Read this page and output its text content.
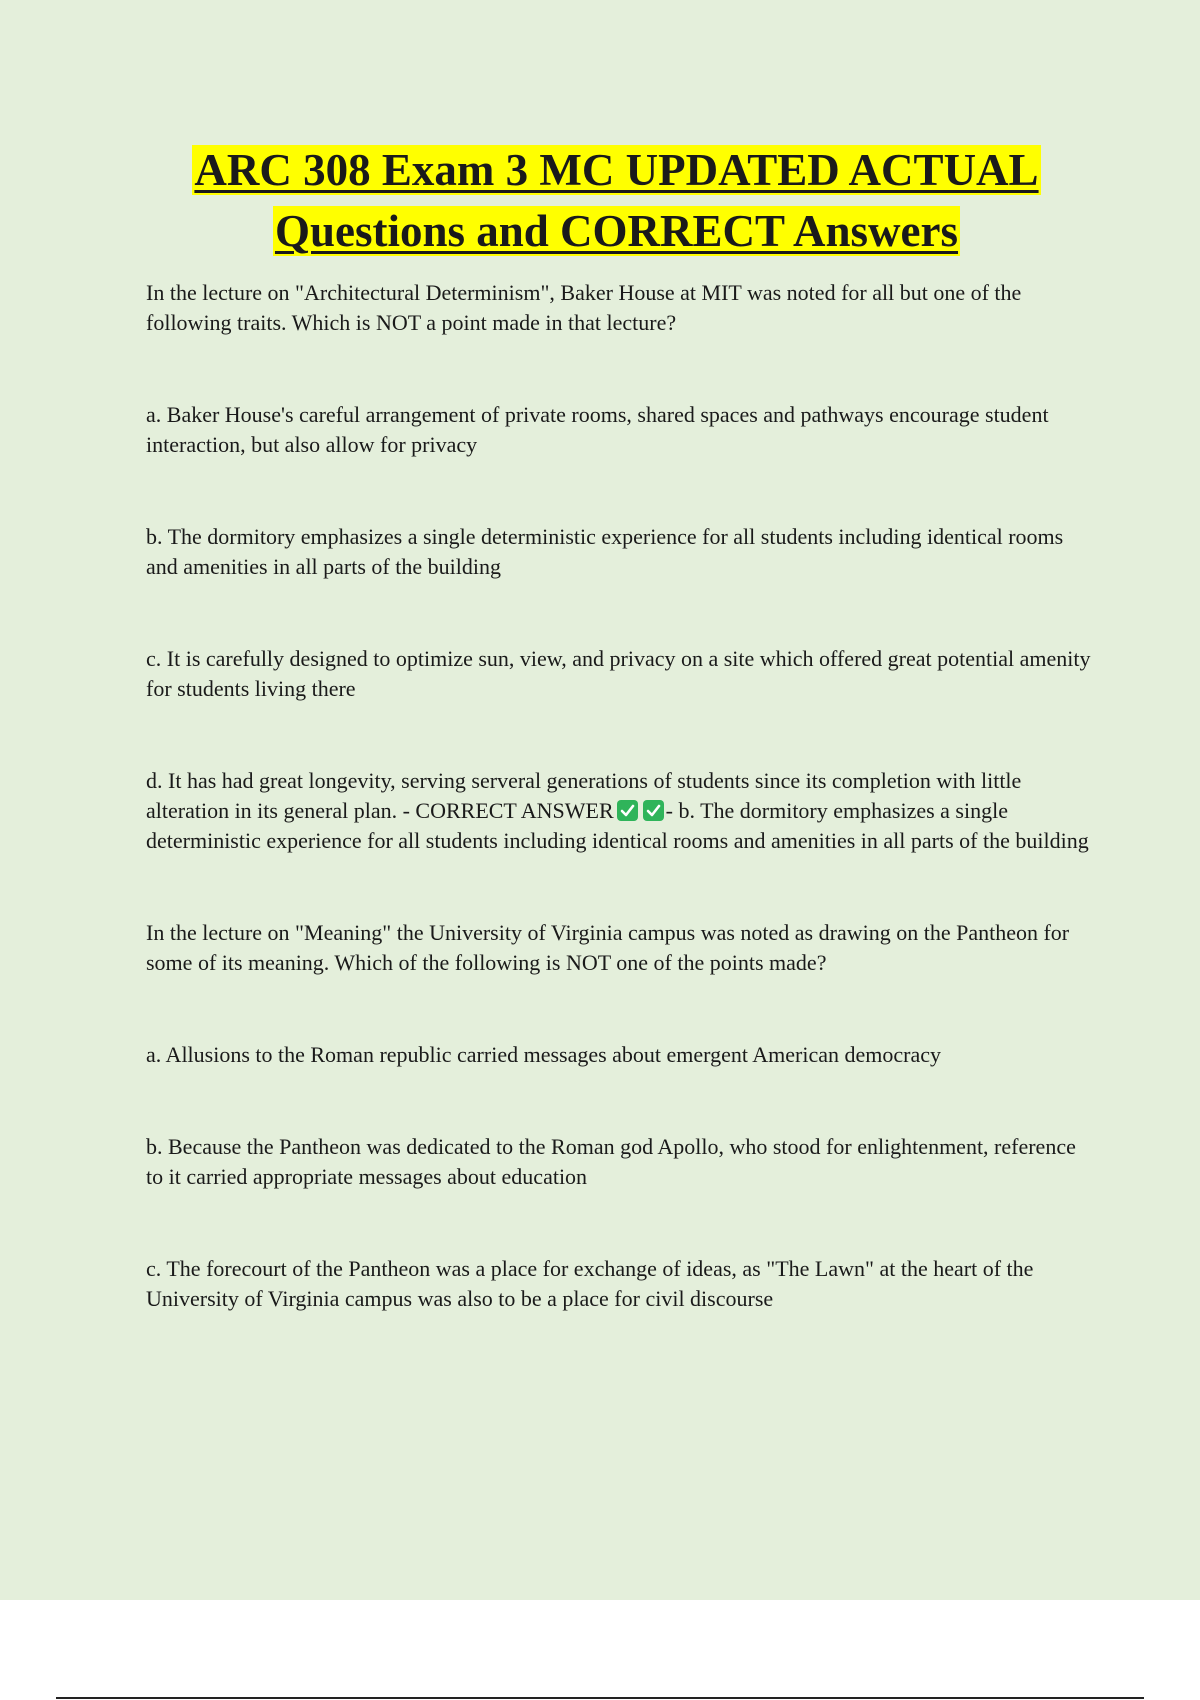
ARC 308 Exam 3 MC UPDATED ACTUAL
Questions and CORRECT Answers

In the lecture on "Architectural Determinism", Baker House at MIT was noted for all but one of the following traits. Which is NOT a point made in that lecture?

a. Baker House's careful arrangement of private rooms, shared spaces and pathways encourage student interaction, but also allow for privacy

b. The dormitory emphasizes a single deterministic experience for all students including identical rooms and amenities in all parts of the building

c. It is carefully designed to optimize sun, view, and privacy on a site which offered great potential amenity for students living there

d. It has had great longevity, serving serveral generations of students since its completion with little alteration in its general plan. - CORRECT ANSWER - b. The dormitory emphasizes a single deterministic experience for all students including identical rooms and amenities in all parts of the building

In the lecture on "Meaning" the University of Virginia campus was noted as drawing on the Pantheon for some of its meaning. Which of the following is NOT one of the points made?

a. Allusions to the Roman republic carried messages about emergent American democracy

b. Because the Pantheon was dedicated to the Roman god Apollo, who stood for enlightenment, reference to it carried appropriate messages about education

c. The forecourt of the Pantheon was a place for exchange of ideas, as "The Lawn" at the heart of the University of Virginia campus was also to be a place for civil discourse
